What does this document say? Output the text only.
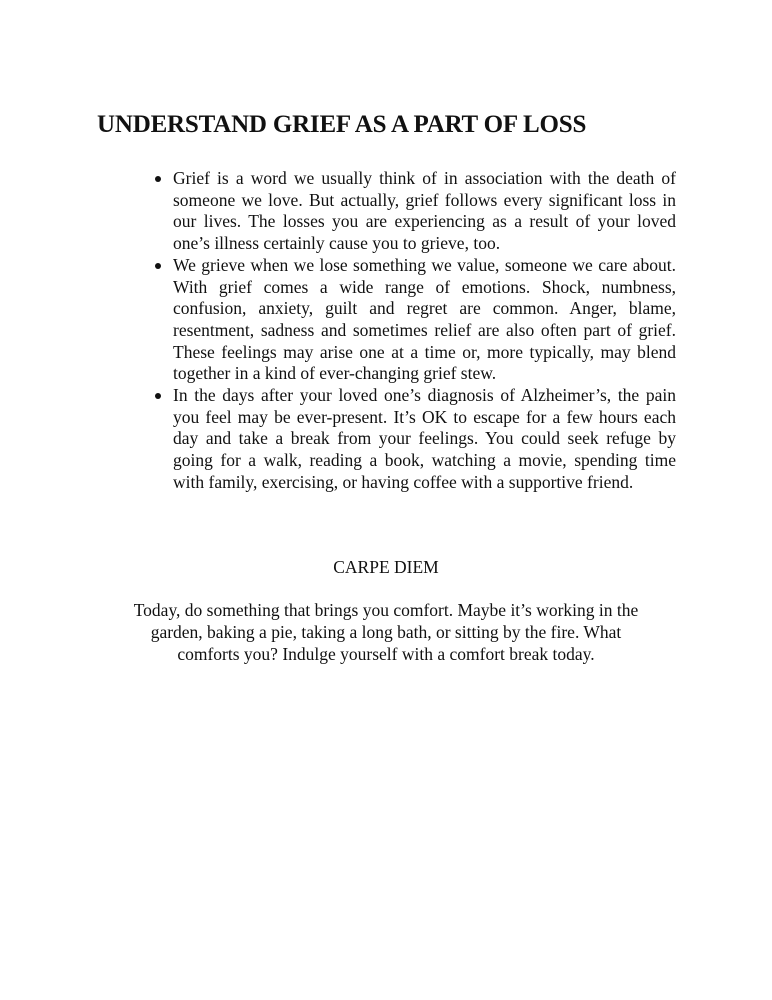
UNDERSTAND GRIEF AS A PART OF LOSS
Grief is a word we usually think of in association with the death of someone we love. But actually, grief follows every significant loss in our lives. The losses you are experiencing as a result of your loved one’s illness certainly cause you to grieve, too.
We grieve when we lose something we value, someone we care about. With grief comes a wide range of emotions. Shock, numbness, confusion, anxiety, guilt and regret are common. Anger, blame, resentment, sadness and sometimes relief are also often part of grief. These feelings may arise one at a time or, more typically, may blend together in a kind of ever-changing grief stew.
In the days after your loved one’s diagnosis of Alzheimer’s, the pain you feel may be ever-present. It’s OK to escape for a few hours each day and take a break from your feelings. You could seek refuge by going for a walk, reading a book, watching a movie, spending time with family, exercising, or having coffee with a supportive friend.
CARPE DIEM

Today, do something that brings you comfort. Maybe it’s working in the
garden, baking a pie, taking a long bath, or sitting by the fire. What
comforts you? Indulge yourself with a comfort break today.
